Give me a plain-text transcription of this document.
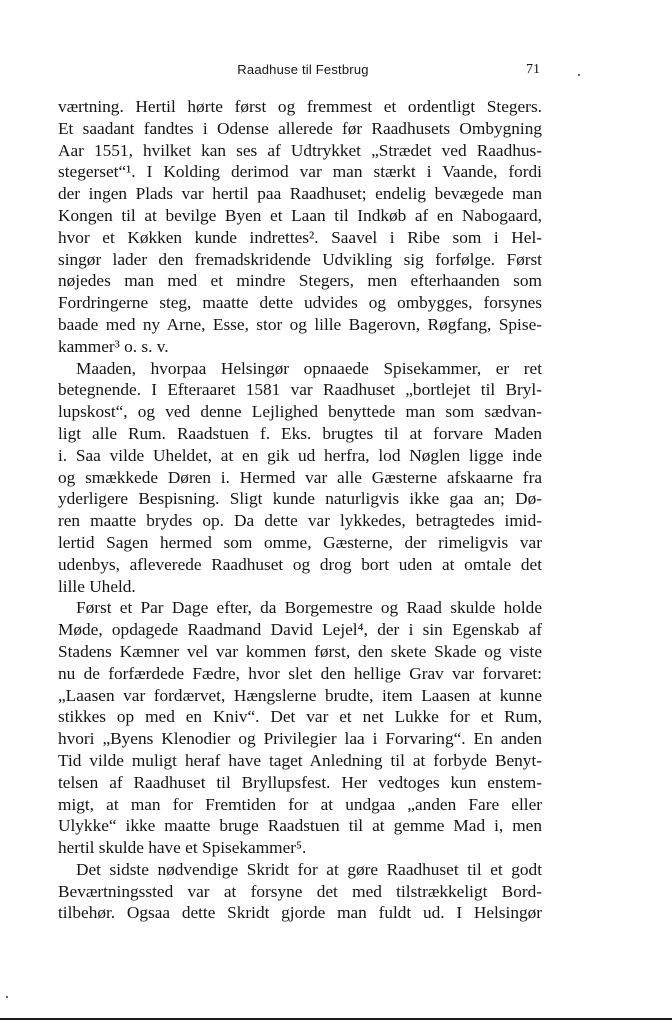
Raadhuse til Festbrug	71
værtning. Hertil hørte først og fremmest et ordentligt Stegers.
Et saadant fandtes i Odense allerede før Raadhusets Ombygning
Aar 1551, hvilket kan ses af Udtrykket „Strædet ved Raadhus-
stegerset“¹. I Kolding derimod var man stærkt i Vaande, fordi
der ingen Plads var hertil paa Raadhuset; endelig bevægede man
Kongen til at bevilge Byen et Laan til Indkøb af en Nabogaard,
hvor et Køkken kunde indrettes². Saavel i Ribe som i Hel-
singør lader den fremadskridende Udvikling sig forfølge. Først
nøjedes man med et mindre Stegers, men efterhaanden som
Fordringerne steg, maatte dette udvides og ombygges, forsynes
baade med ny Arne, Esse, stor og lille Bagerovn, Røgfang, Spise-
kammer³ o. s. v.
Maaden, hvorpaa Helsingør opnaaede Spisekammer, er ret
betegnende. I Efteraaret 1581 var Raadhuset „bortlejet til Bryl-
lupskost“, og ved denne Lejlighed benyttede man som sædvan-
ligt alle Rum. Raadstuen f. Eks. brugtes til at forvare Maden
i. Saa vilde Uheldet, at en gik ud herfra, lod Nøglen ligge inde
og smækkede Døren i. Hermed var alle Gæsterne afskaarne fra
yderligere Bespisning. Sligt kunde naturligvis ikke gaa an; Dø-
ren maatte brydes op. Da dette var lykkedes, betragtedes imid-
lertid Sagen hermed som omme, Gæsterne, der rimeligvis var
udenbys, afleverede Raadhuset og drog bort uden at omtale det
lille Uheld.
Først et Par Dage efter, da Borgemestre og Raad skulde holde
Møde, opdagede Raadmand David Lejel⁴, der i sin Egenskab af
Stadens Kæmner vel var kommen først, den skete Skade og viste
nu de forfærdede Fædre, hvor slet den hellige Grav var forvaret:
„Laasen var fordærvet, Hængslerne brudte, item Laasen at kunne
stikkes op med en Kniv“. Det var et net Lukke for et Rum,
hvori „Byens Klenodier og Privilegier laa i Forvaring“. En anden
Tid vilde muligt heraf have taget Anledning til at forbyde Benyt-
telsen af Raadhuset til Bryllupsfest. Her vedtoges kun enstem-
migt, at man for Fremtiden for at undgaa „anden Fare eller
Ulykke“ ikke maatte bruge Raadstuen til at gemme Mad i, men
hertil skulde have et Spisekammer⁵.
Det sidste nødvendige Skridt for at gøre Raadhuset til et godt
Beværtningssted var at forsyne det med tilstrækkeligt Bord-
tilbehør. Ogsaa dette Skridt gjorde man fuldt ud. I Helsingør
